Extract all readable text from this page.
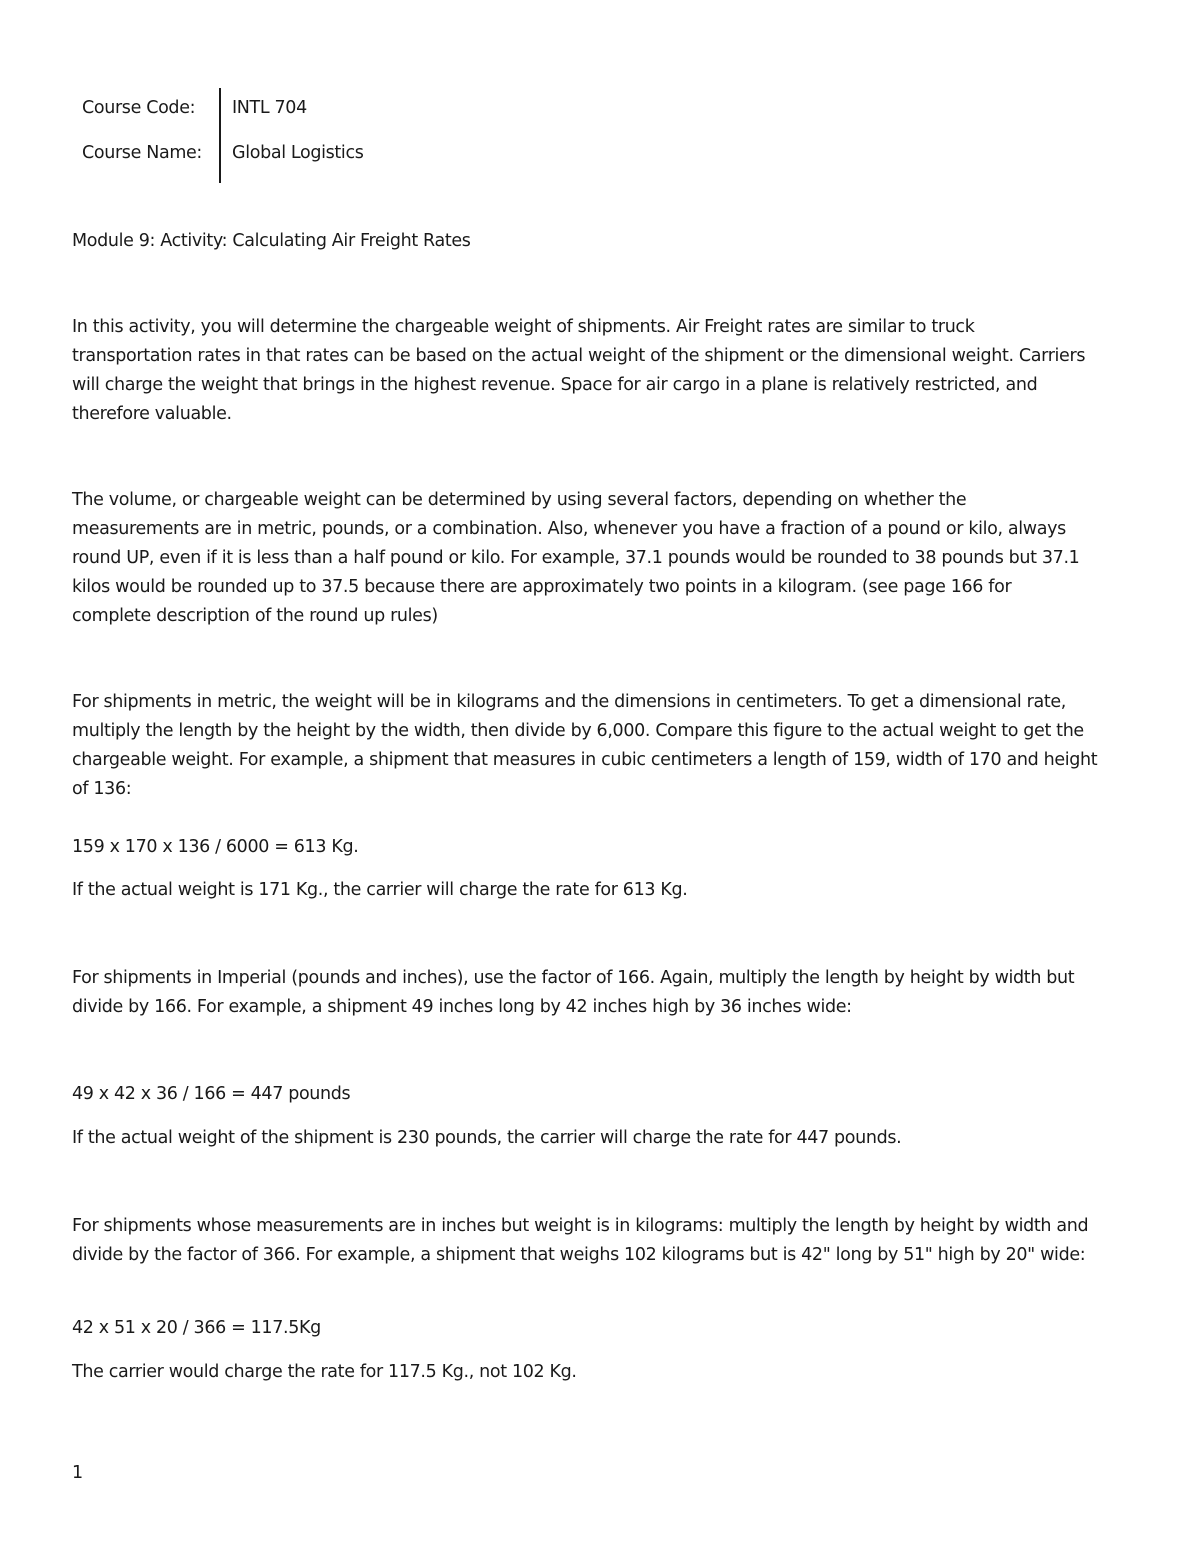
Course Code: INTL 704
Course Name: Global Logistics
Module 9: Activity: Calculating Air Freight Rates
In this activity, you will determine the chargeable weight of shipments. Air Freight rates are similar to truck
transportation rates in that rates can be based on the actual weight of the shipment or the dimensional weight. Carriers
will charge the weight that brings in the highest revenue. Space for air cargo in a plane is relatively restricted, and
therefore valuable.
The volume, or chargeable weight can be determined by using several factors, depending on whether the
measurements are in metric, pounds, or a combination. Also, whenever you have a fraction of a pound or kilo, always
round UP, even if it is less than a half pound or kilo. For example, 37.1 pounds would be rounded to 38 pounds but 37.1
kilos would be rounded up to 37.5 because there are approximately two points in a kilogram. (see page 166 for
complete description of the round up rules)
For shipments in metric, the weight will be in kilograms and the dimensions in centimeters. To get a dimensional rate,
multiply the length by the height by the width, then divide by 6,000. Compare this figure to the actual weight to get the
chargeable weight. For example, a shipment that measures in cubic centimeters a length of 159, width of 170 and height
of 136:
159 x 170 x 136 / 6000 = 613 Kg.
If the actual weight is 171 Kg., the carrier will charge the rate for 613 Kg.
For shipments in Imperial (pounds and inches), use the factor of 166. Again, multiply the length by height by width but
divide by 166. For example, a shipment 49 inches long by 42 inches high by 36 inches wide:
49 x 42 x 36 / 166 = 447 pounds
If the actual weight of the shipment is 230 pounds, the carrier will charge the rate for 447 pounds.
For shipments whose measurements are in inches but weight is in kilograms: multiply the length by height by width and
divide by the factor of 366. For example, a shipment that weighs 102 kilograms but is 42" long by 51" high by 20" wide:
42 x 51 x 20 / 366 = 117.5Kg
The carrier would charge the rate for 117.5 Kg., not 102 Kg.
1
